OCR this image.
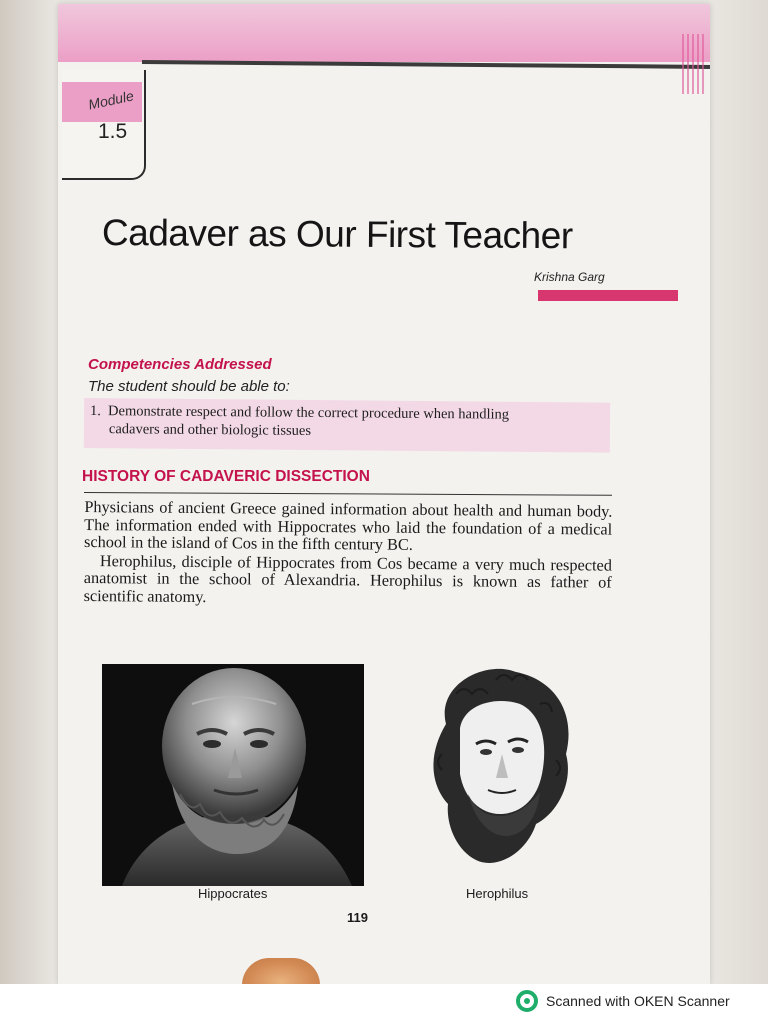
Module
1.5
Cadaver as Our First Teacher
Krishna Garg
Competencies Addressed
The student should be able to:
1. Demonstrate respect and follow the correct procedure when handling
cadavers and other biologic tissues
HISTORY OF CADAVERIC DISSECTION

Physicians of ancient Greece gained information about health and human body. The information ended with Hippocrates who laid the foundation of a medical school in the island of Cos in the fifth century BC.

Herophilus, disciple of Hippocrates from Cos became a very much respected anatomist in the school of Alexandria. Herophilus is known as father of scientific anatomy.

Hippocrates	Herophilus
119
Scanned with OKEN Scanner
